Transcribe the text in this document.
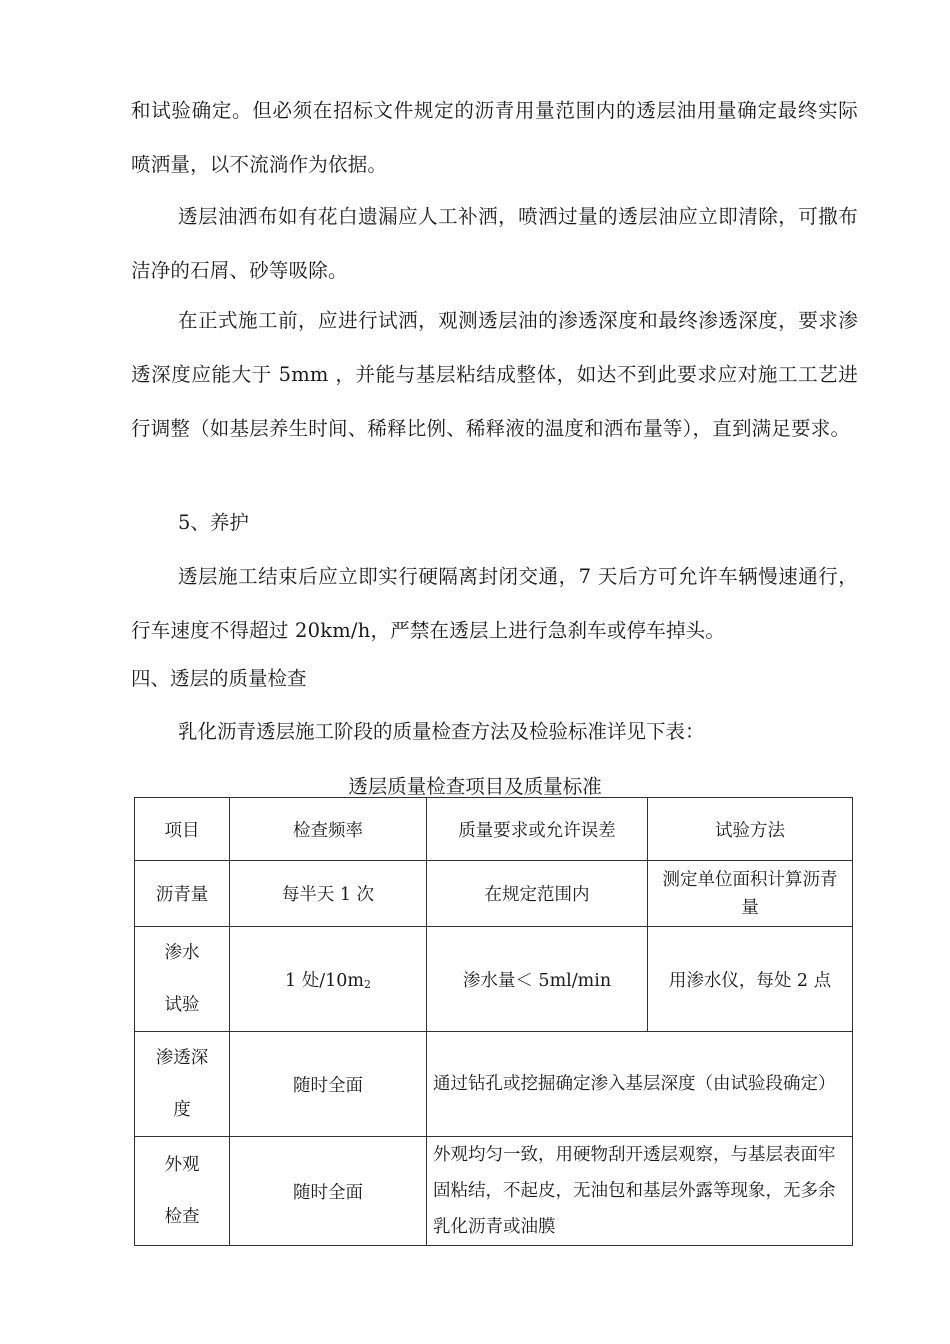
和试验确定。但必须在招标文件规定的沥青用量范围内的透层油用量确定最终实际喷洒量，以不流淌作为依据。
透层油洒布如有花白遗漏应人工补洒，喷洒过量的透层油应立即清除，可撒布洁净的石屑、砂等吸除。
在正式施工前，应进行试洒，观测透层油的渗透深度和最终渗透深度，要求渗透深度应能大于 5mm ，并能与基层粘结成整体，如达不到此要求应对施工工艺进行调整（如基层养生时间、稀释比例、稀释液的温度和洒布量等），直到满足要求。
5、养护
透层施工结束后应立即实行硬隔离封闭交通，7 天后方可允许车辆慢速通行，行车速度不得超过 20km/h，严禁在透层上进行急刹车或停车掉头。
四、透层的质量检查
乳化沥青透层施工阶段的质量检查方法及检验标准详见下表：
透层质量检查项目及质量标准
项目	检查频率	质量要求或允许误差	试验方法
沥青量	每半天 1 次	在规定范围内	测定单位面积计算沥青量
渗水
试验	1 处$/10m_2$	渗水量＜ 5ml/min	用渗水仪，每处 2 点
渗透深
度	随时全面	通过钻孔或挖掘确定渗入基层深度（由试验段确定）	
外观
检查	随时全面	外观均匀一致，用硬物刮开透层观察，与基层表面牢固粘结，不起皮，无油包和基层外露等现象，无多余乳化沥青或油膜	
